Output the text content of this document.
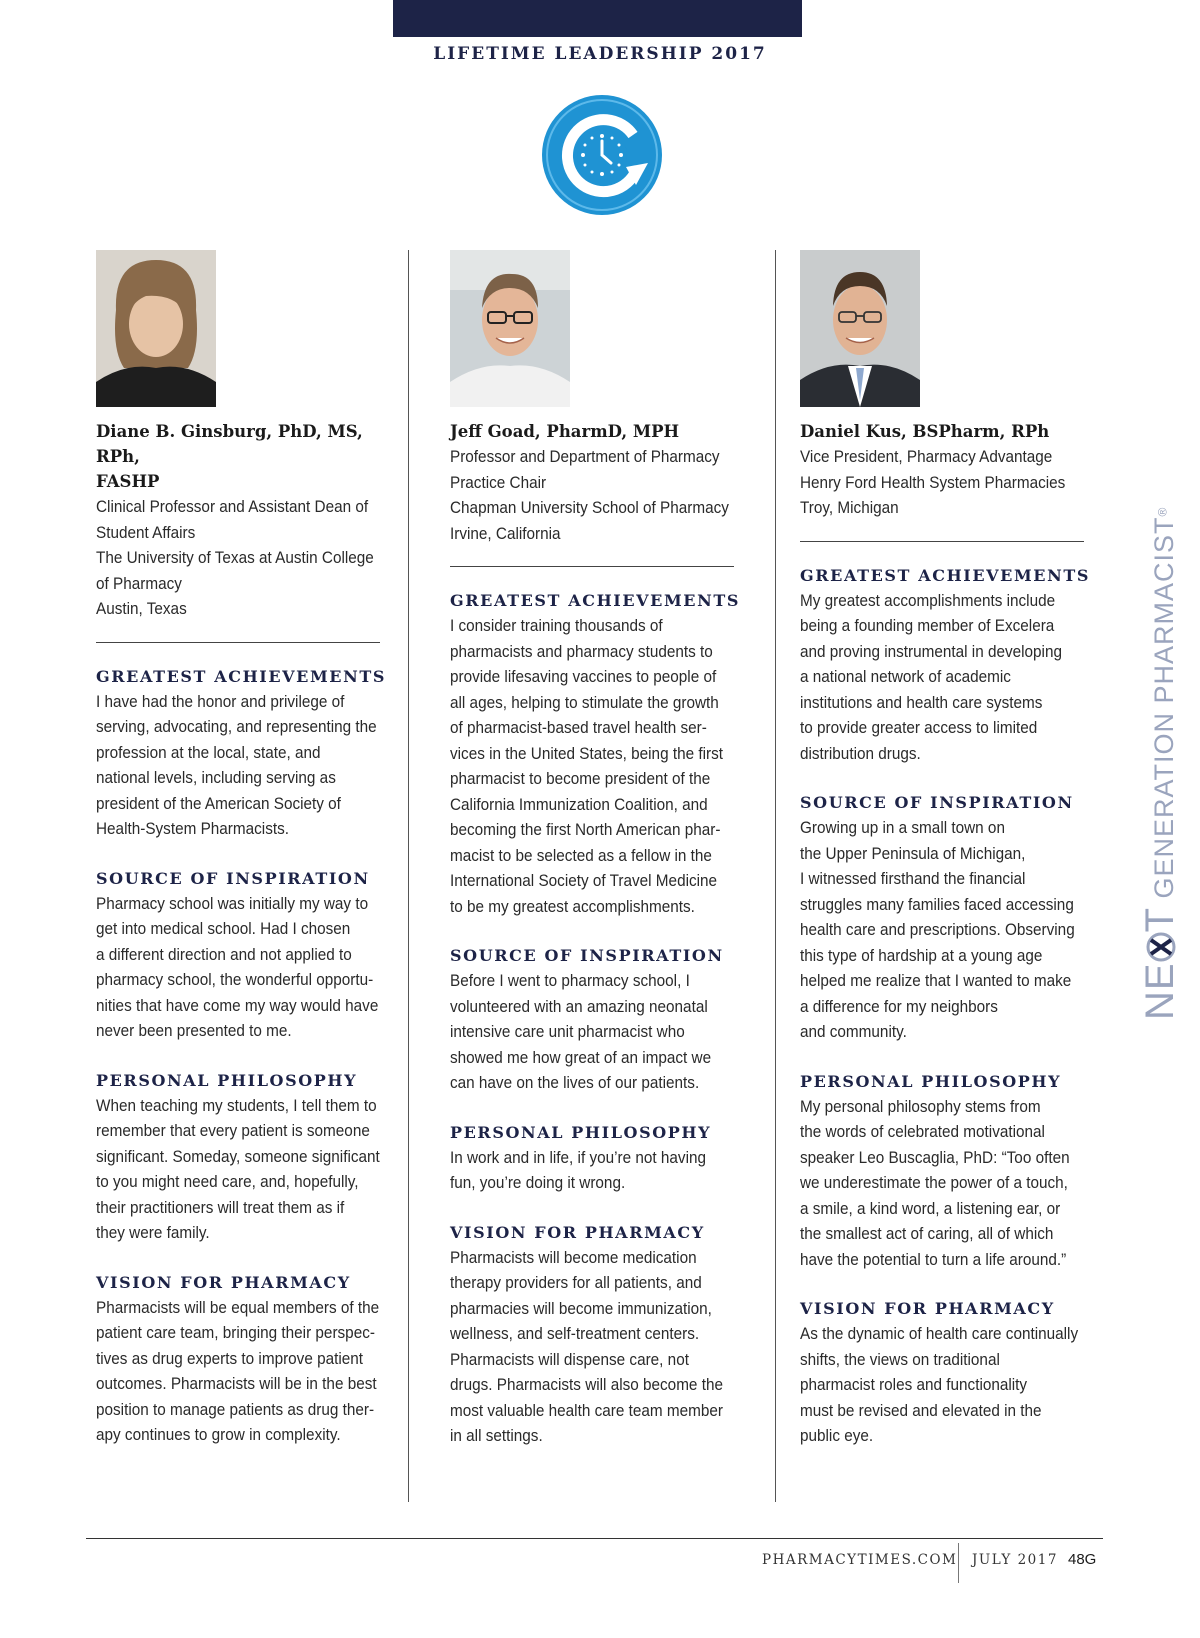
LIFETIME LEADERSHIP 2017
Diane B. Ginsburg, PhD, MS, RPh,
FASHP
Clinical Professor and Assistant Dean of
Student Affairs
The University of Texas at Austin College
of Pharmacy
Austin, Texas
GREATEST ACHIEVEMENTS
I have had the honor and privilege of
serving, advocating, and representing the
profession at the local, state, and
national levels, including serving as
president of the American Society of
Health-System Pharmacists.
SOURCE OF INSPIRATION
Pharmacy school was initially my way to
get into medical school. Had I chosen
a different direction and not applied to
pharmacy school, the wonderful opportu-
nities that have come my way would have
never been presented to me.
PERSONAL PHILOSOPHY
When teaching my students, I tell them to
remember that every patient is someone
significant. Someday, someone significant
to you might need care, and, hopefully,
their practitioners will treat them as if
they were family.
VISION FOR PHARMACY
Pharmacists will be equal members of the
patient care team, bringing their perspec-
tives as drug experts to improve patient
outcomes. Pharmacists will be in the best
position to manage patients as drug ther-
apy continues to grow in complexity.
Jeff Goad, PharmD, MPH
Professor and Department of Pharmacy
Practice Chair
Chapman University School of Pharmacy
Irvine, California
GREATEST ACHIEVEMENTS
I consider training thousands of
pharmacists and pharmacy students to
provide lifesaving vaccines to people of
all ages, helping to stimulate the growth
of pharmacist-based travel health ser-
vices in the United States, being the first
pharmacist to become president of the
California Immunization Coalition, and
becoming the first North American phar-
macist to be selected as a fellow in the
International Society of Travel Medicine
to be my greatest accomplishments.
SOURCE OF INSPIRATION
Before I went to pharmacy school, I
volunteered with an amazing neonatal
intensive care unit pharmacist who
showed me how great of an impact we
can have on the lives of our patients.
PERSONAL PHILOSOPHY
In work and in life, if you’re not having
fun, you’re doing it wrong.
VISION FOR PHARMACY
Pharmacists will become medication
therapy providers for all patients, and
pharmacies will become immunization,
wellness, and self-treatment centers.
Pharmacists will dispense care, not
drugs. Pharmacists will also become the
most valuable health care team member
in all settings.
Daniel Kus, BSPharm, RPh
Vice President, Pharmacy Advantage
Henry Ford Health System Pharmacies
Troy, Michigan
GREATEST ACHIEVEMENTS
My greatest accomplishments include
being a founding member of Excelera
and proving instrumental in developing
a national network of academic
institutions and health care systems
to provide greater access to limited
distribution drugs.
SOURCE OF INSPIRATION
Growing up in a small town on
the Upper Peninsula of Michigan,
I witnessed firsthand the financial
struggles many families faced accessing
health care and prescriptions. Observing
this type of hardship at a young age
helped me realize that I wanted to make
a difference for my neighbors
and community.
PERSONAL PHILOSOPHY
My personal philosophy stems from
the words of celebrated motivational
speaker Leo Buscaglia, PhD: “Too often
we underestimate the power of a touch,
a smile, a kind word, a listening ear, or
the smallest act of caring, all of which
have the potential to turn a life around.”
VISION FOR PHARMACY
As the dynamic of health care continually
shifts, the views on traditional
pharmacist roles and functionality
must be revised and elevated in the
public eye.
NET GENERATION PHARMACIST®
PHARMACYTIMES.COM JULY 2017 48G
